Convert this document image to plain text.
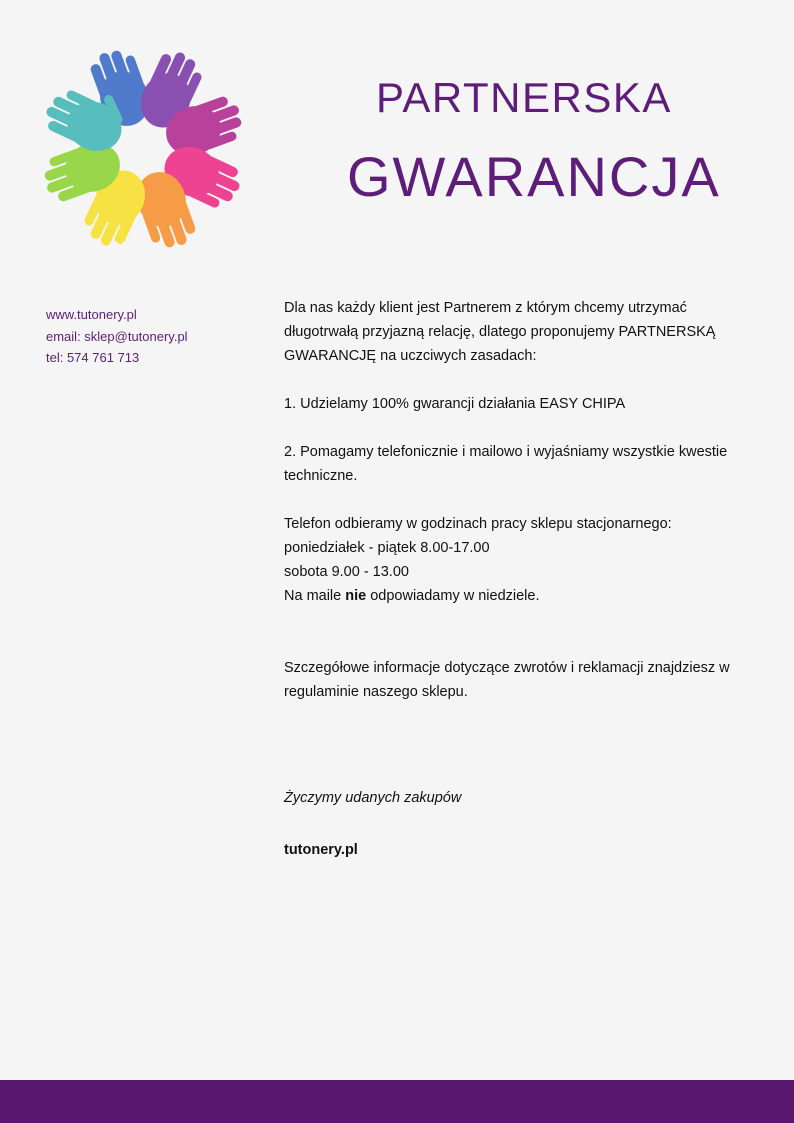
PARTNERSKA
GWARANCJA
www.tutonery.pl
email: sklep@tutonery.pl
tel: 574 761 713

Dla nas każdy klient jest Partnerem z którym chcemy utrzymać

długotrwałą przyjazną relację, dlatego proponujemy PARTNERSKĄ

GWARANCJĘ na uczciwych zasadach:

1. Udzielamy 100% gwarancji działania EASY CHIPA

2. Pomagamy telefonicznie i mailowo i wyjaśniamy wszystkie kwestie

techniczne.

Telefon odbieramy w godzinach pracy sklepu stacjonarnego:

poniedziałek - piątek 8.00-17.00

sobota 9.00 - 13.00

Na maile nie odpowiadamy w niedziele.

Szczegółowe informacje dotyczące zwrotów i reklamacji znajdziesz w

regulaminie naszego sklepu.

Życzymy udanych zakupów

tutonery.pl
